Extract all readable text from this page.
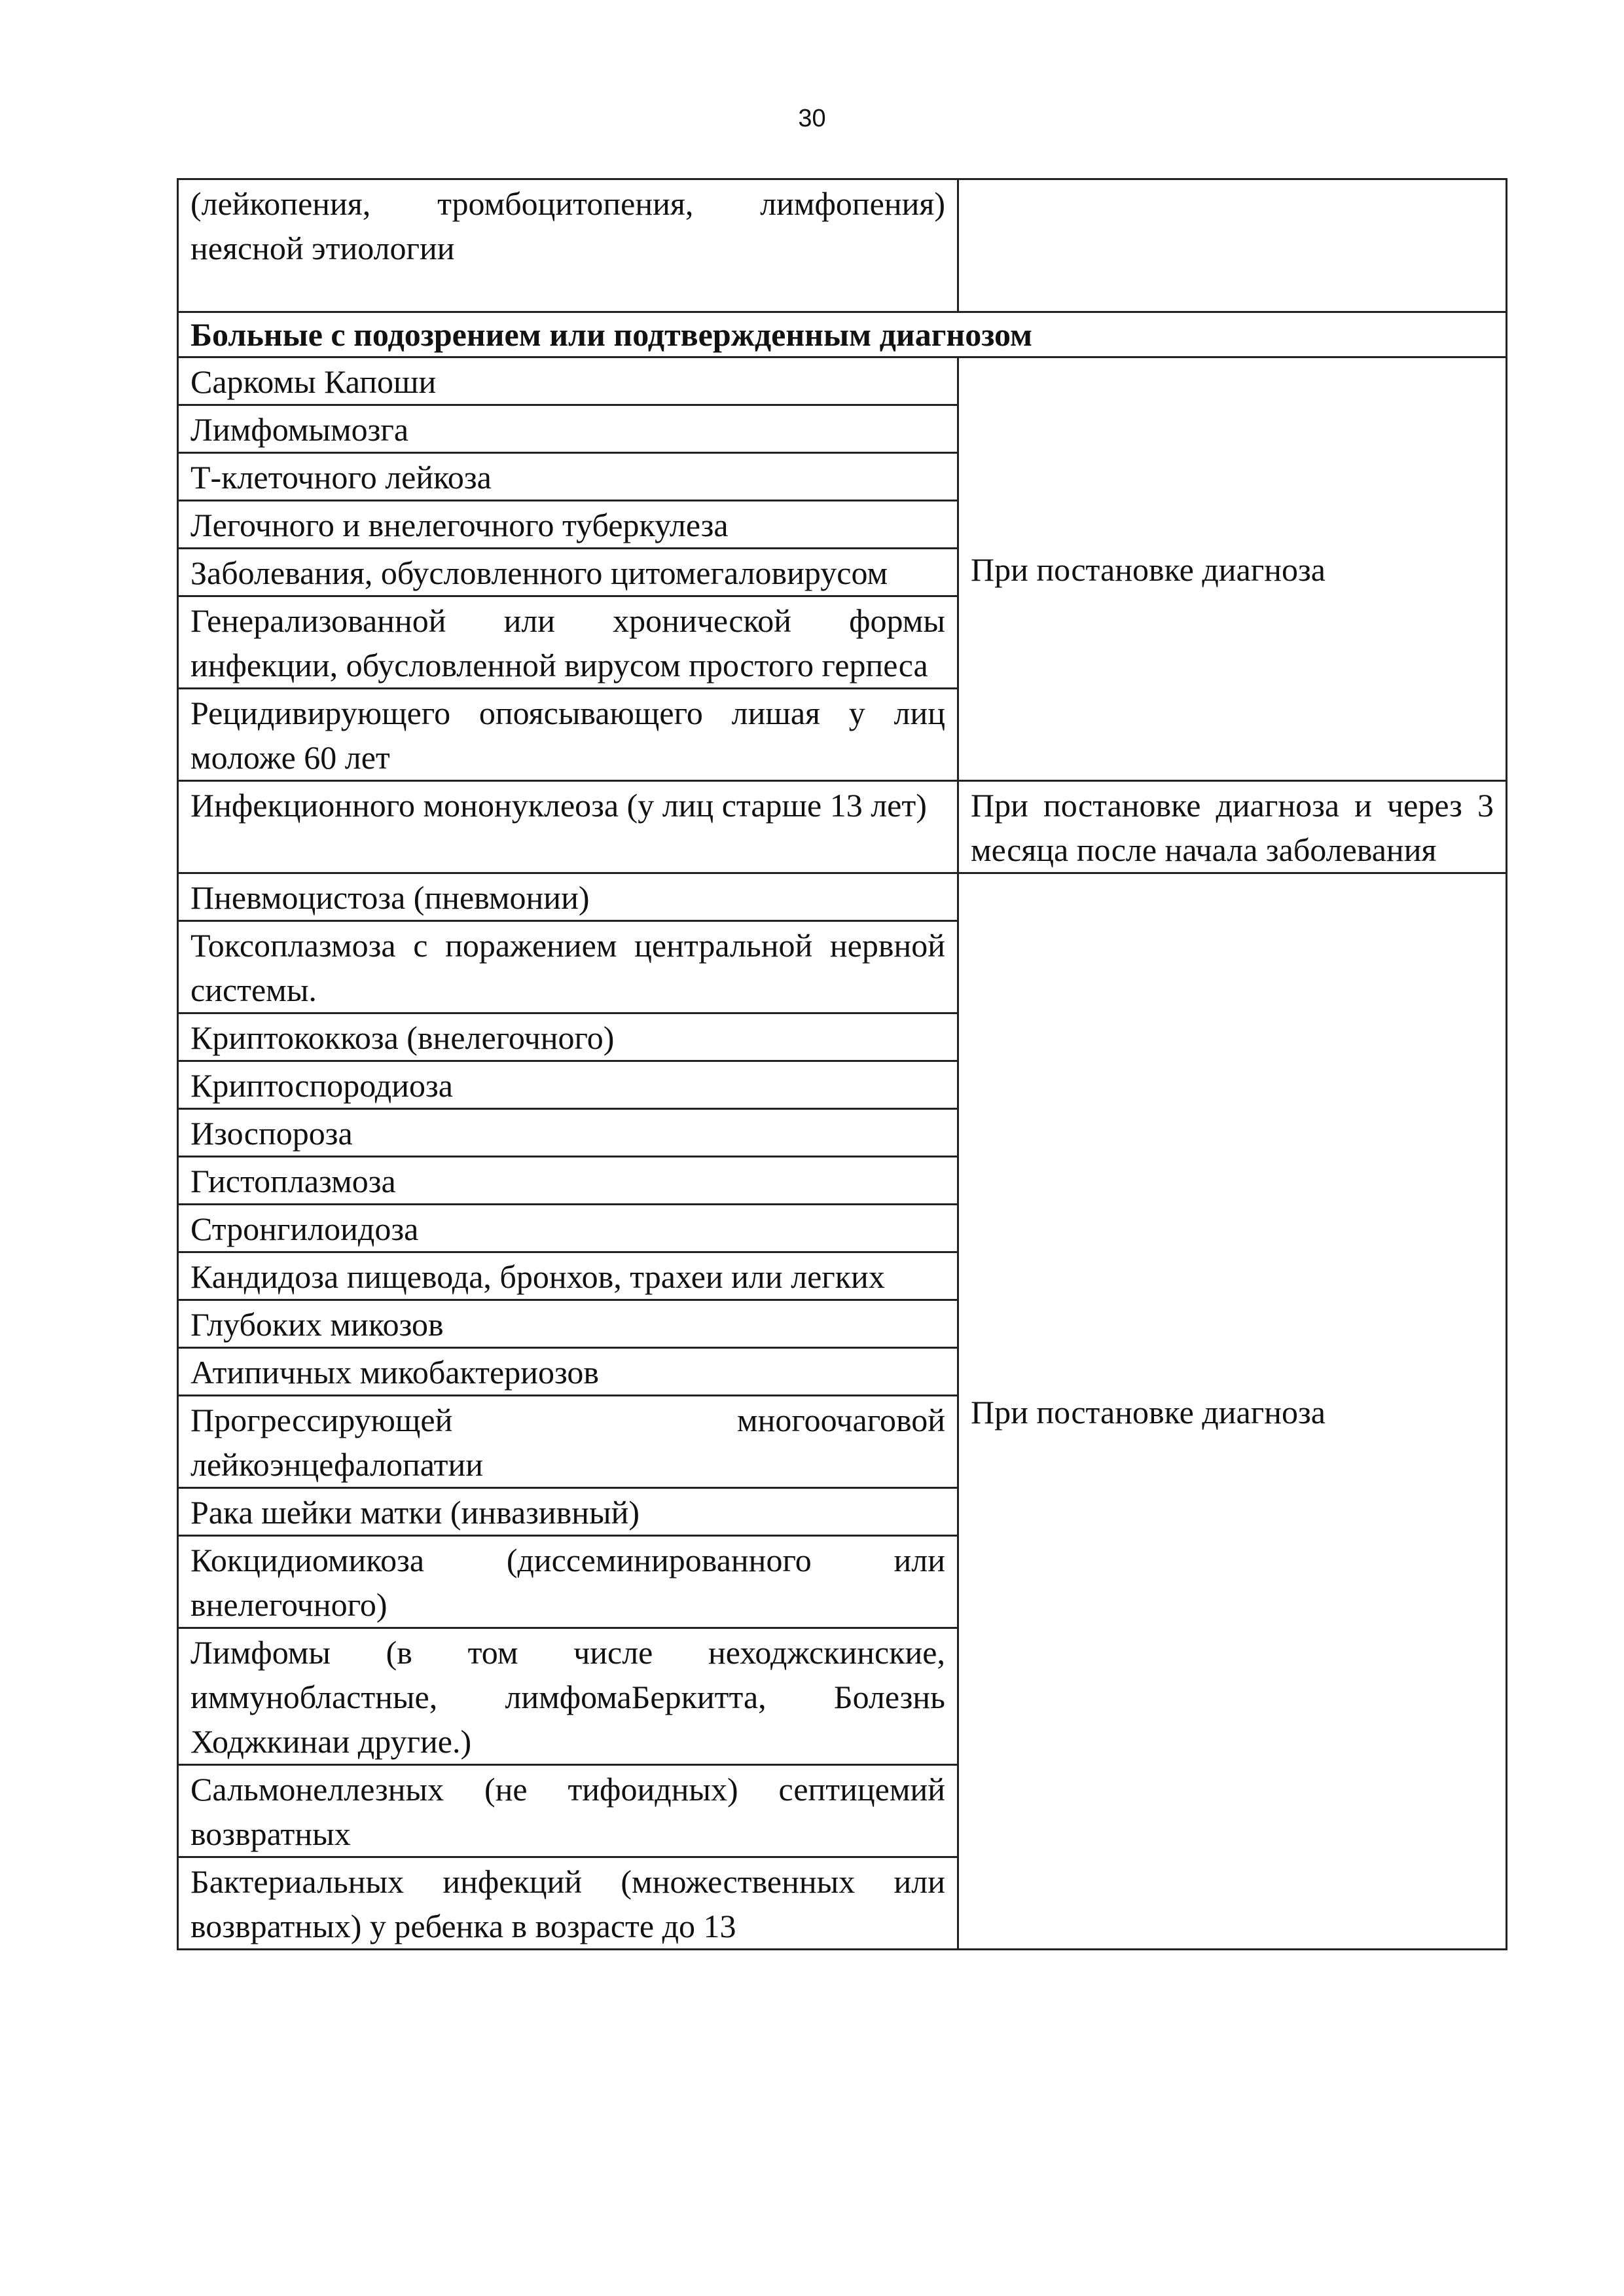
30
(лейкопения, тромбоцитопения, лимфопения) неясной этиологии	
Больные с подозрением или подтвержденным диагнозом	
Саркомы Капоши	При постановке диагноза
Лимфомымозга	
Т-клеточного лейкоза	
Легочного и внелегочного туберкулеза	
Заболевания, обусловленного цитомегаловирусом	
Генерализованной или хронической формы инфекции, обусловленной вирусом простого герпеса	
Рецидивирующего опоясывающего лишая у лиц моложе 60 лет	
Инфекционного мононуклеоза (у лиц старше 13 лет)	При постановке диагноза и через 3 месяца после начала заболевания
Пневмоцистоза (пневмонии)	При постановке диагноза
Токсоплазмоза с поражением центральной нервной системы.	
Криптококкоза (внелегочного)	
Криптоспородиоза	
Изоспороза	
Гистоплазмоза	
Стронгилоидоза	
Кандидоза пищевода, бронхов, трахеи или легких	
Глубоких микозов	
Атипичных микобактериозов	
Прогрессирующей многоочаговой лейкоэнцефалопатии	
Рака шейки матки (инвазивный)	
Кокцидиомикоза (диссеминированного или внелегочного)	
Лимфомы (в том числе неходжскинские, иммунобластные, лимфомаБеркитта, Болезнь Ходжкинаи другие.)	
Сальмонеллезных (не тифоидных) септицемий возвратных	
Бактериальных инфекций (множественных или возвратных) у ребенка в возрасте до 13	
